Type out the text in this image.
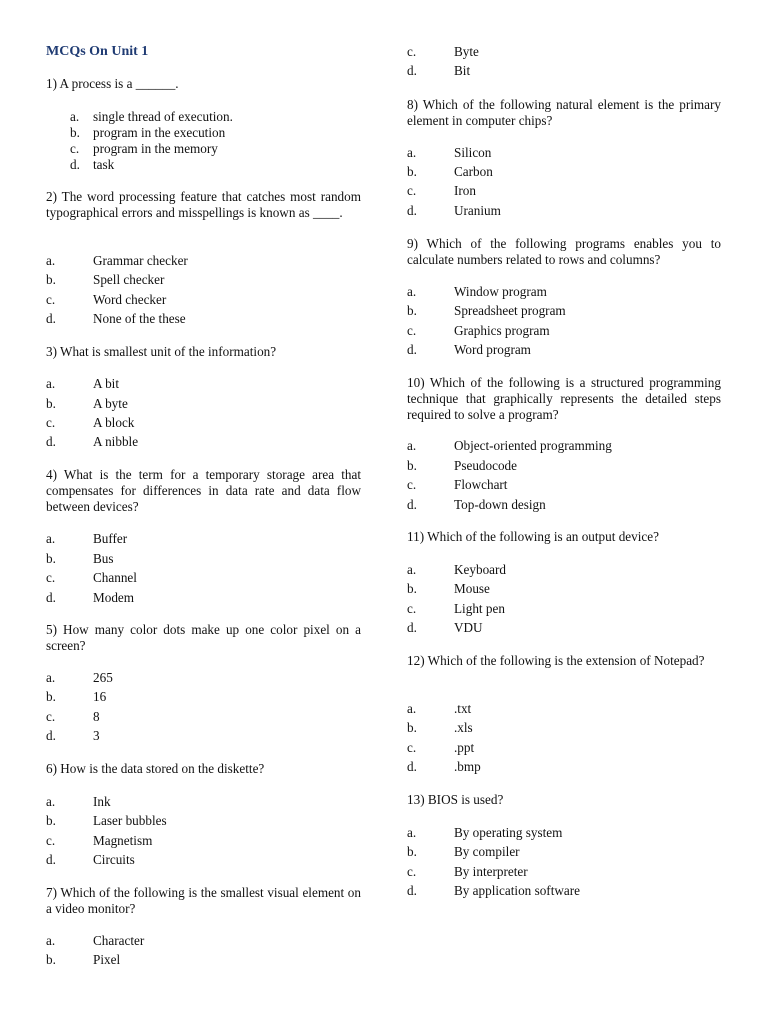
MCQs On Unit 1

1) A process is a ______.

a. single thread of execution.
b. program in the execution
c. program in the memory
d. task

2) The word processing feature that catches most random typographical errors and misspellings is known as ____.

a.	Grammar checker
b.	Spell checker
c.	Word checker
d.	None of the these

3) What is smallest unit of the information?

a.	A bit
b.	A byte
c.	A block
d.	A nibble

4) What is the term for a temporary storage area that compensates for differences in data rate and data flow between devices?

a.	Buffer
b.	Bus
c.	Channel
d.	Modem

5) How many color dots make up one color pixel on a screen?

a.	265
b.	16
c.	8
d.	3

6) How is the data stored on the diskette?

a.	Ink
b.	Laser bubbles
c.	Magnetism
d.	Circuits

7) Which of the following is the smallest visual element on a video monitor?

a.	Character
b.	Pixel
c.	Byte
d.	Bit

8) Which of the following natural element is the primary element in computer chips?

a.	Silicon
b.	Carbon
c.	Iron
d.	Uranium

9) Which of the following programs enables you to calculate numbers related to rows and columns?

a.	Window program
b.	Spreadsheet program
c.	Graphics program
d.	Word program

10) Which of the following is a structured programming technique that graphically represents the detailed steps required to solve a program?

a.	Object-oriented programming
b.	Pseudocode
c.	Flowchart
d.	Top-down design

11) Which of the following is an output device?

a.	Keyboard
b.	Mouse
c.	Light pen
d.	VDU

12) Which of the following is the extension of Notepad?

a.	.txt
b.	.xls
c.	.ppt
d.	.bmp

13) BIOS is used?

a.	By operating system
b.	By compiler
c.	By interpreter
d.	By application software
